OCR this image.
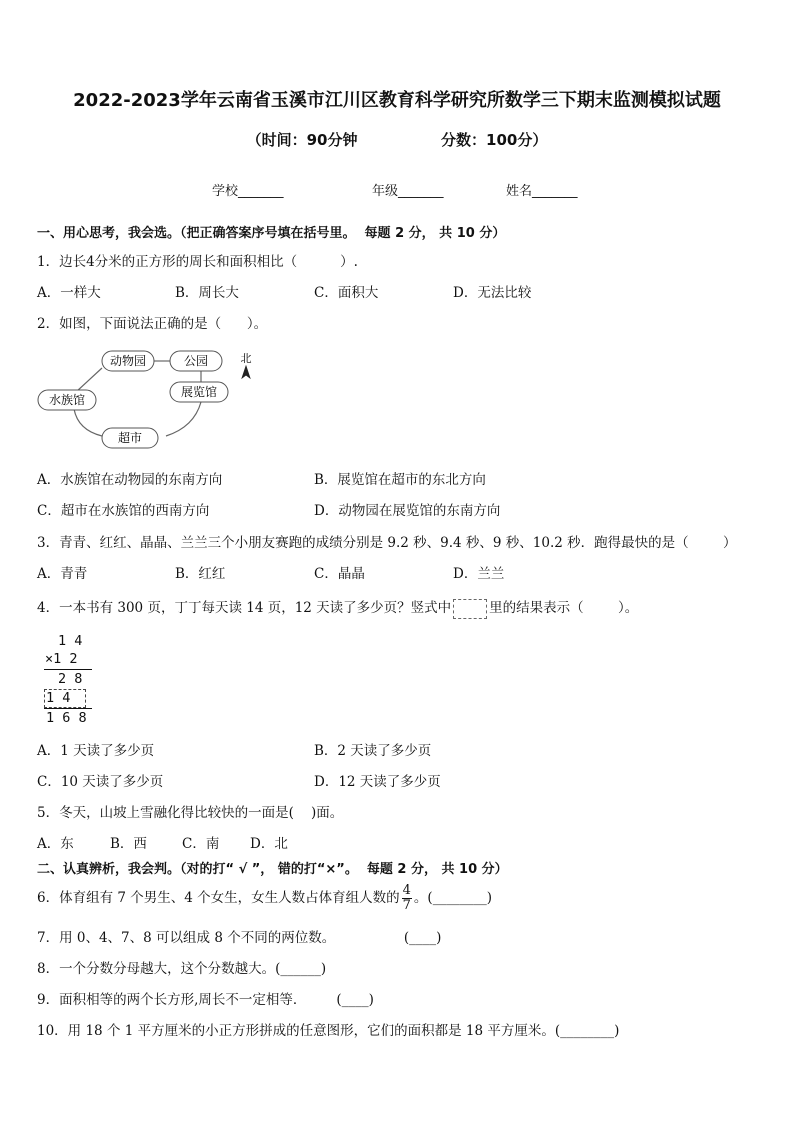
2022-2023学年云南省玉溪市江川区教育科学研究所数学三下期末监测模拟试题
（时间：90分钟                分数：100分）
学校_______	年级_______	姓名_______
一、用心思考，我会选。（把正确答案序号填在括号里。  每题 2 分， 共 10 分）
1．边长4分米的正方形的周长和面积相比（          ）.
A．一样大	B．周长大	C．面积大	D．无法比较
2．如图，下面说法正确的是（      ）。
动物园	公园
水族馆
展览馆
超市
北
A．水族馆在动物园的东南方向	B．展览馆在超市的东北方向
C．超市在水族馆的西南方向	D．动物园在展览馆的东南方向
3．青青、红红、晶晶、兰兰三个小朋友赛跑的成绩分别是 9.2 秒、9.4 秒、9 秒、10.2 秒．跑得最快的是（        ）
A．青青	B．红红	C．晶晶	D．兰兰
4．一本书有 300 页，丁丁每天读 14 页，12 天读了多少页？竖式中	里的结果表示（        ）。
1 4
×1 2
2 8
1 4
1 6 8
A．1 天读了多少页	B．2 天读了多少页
C．10 天读了多少页	D．12 天读了多少页
5．冬天，山坡上雪融化得比较快的一面是(    )面。
A．东	B．西	C．南 D．北
二、认真辨析，我会判。（对的打“ √ ”， 错的打“×”。  每题 2 分， 共 10 分）
6．体育组有 7 个男生、4 个女生，女生人数占体育组人数的 $\frac{4}{7}$ 。(________)
7．用 0、4、7、8 可以组成 8 个不同的两位数。                (____)
8．一个分数分母越大，这个分数越大。(______)
9．面积相等的两个长方形,周长不一定相等．       (____)
10．用 18 个 1 平方厘米的小正方形拼成的任意图形，它们的面积都是 18 平方厘米。(________)
